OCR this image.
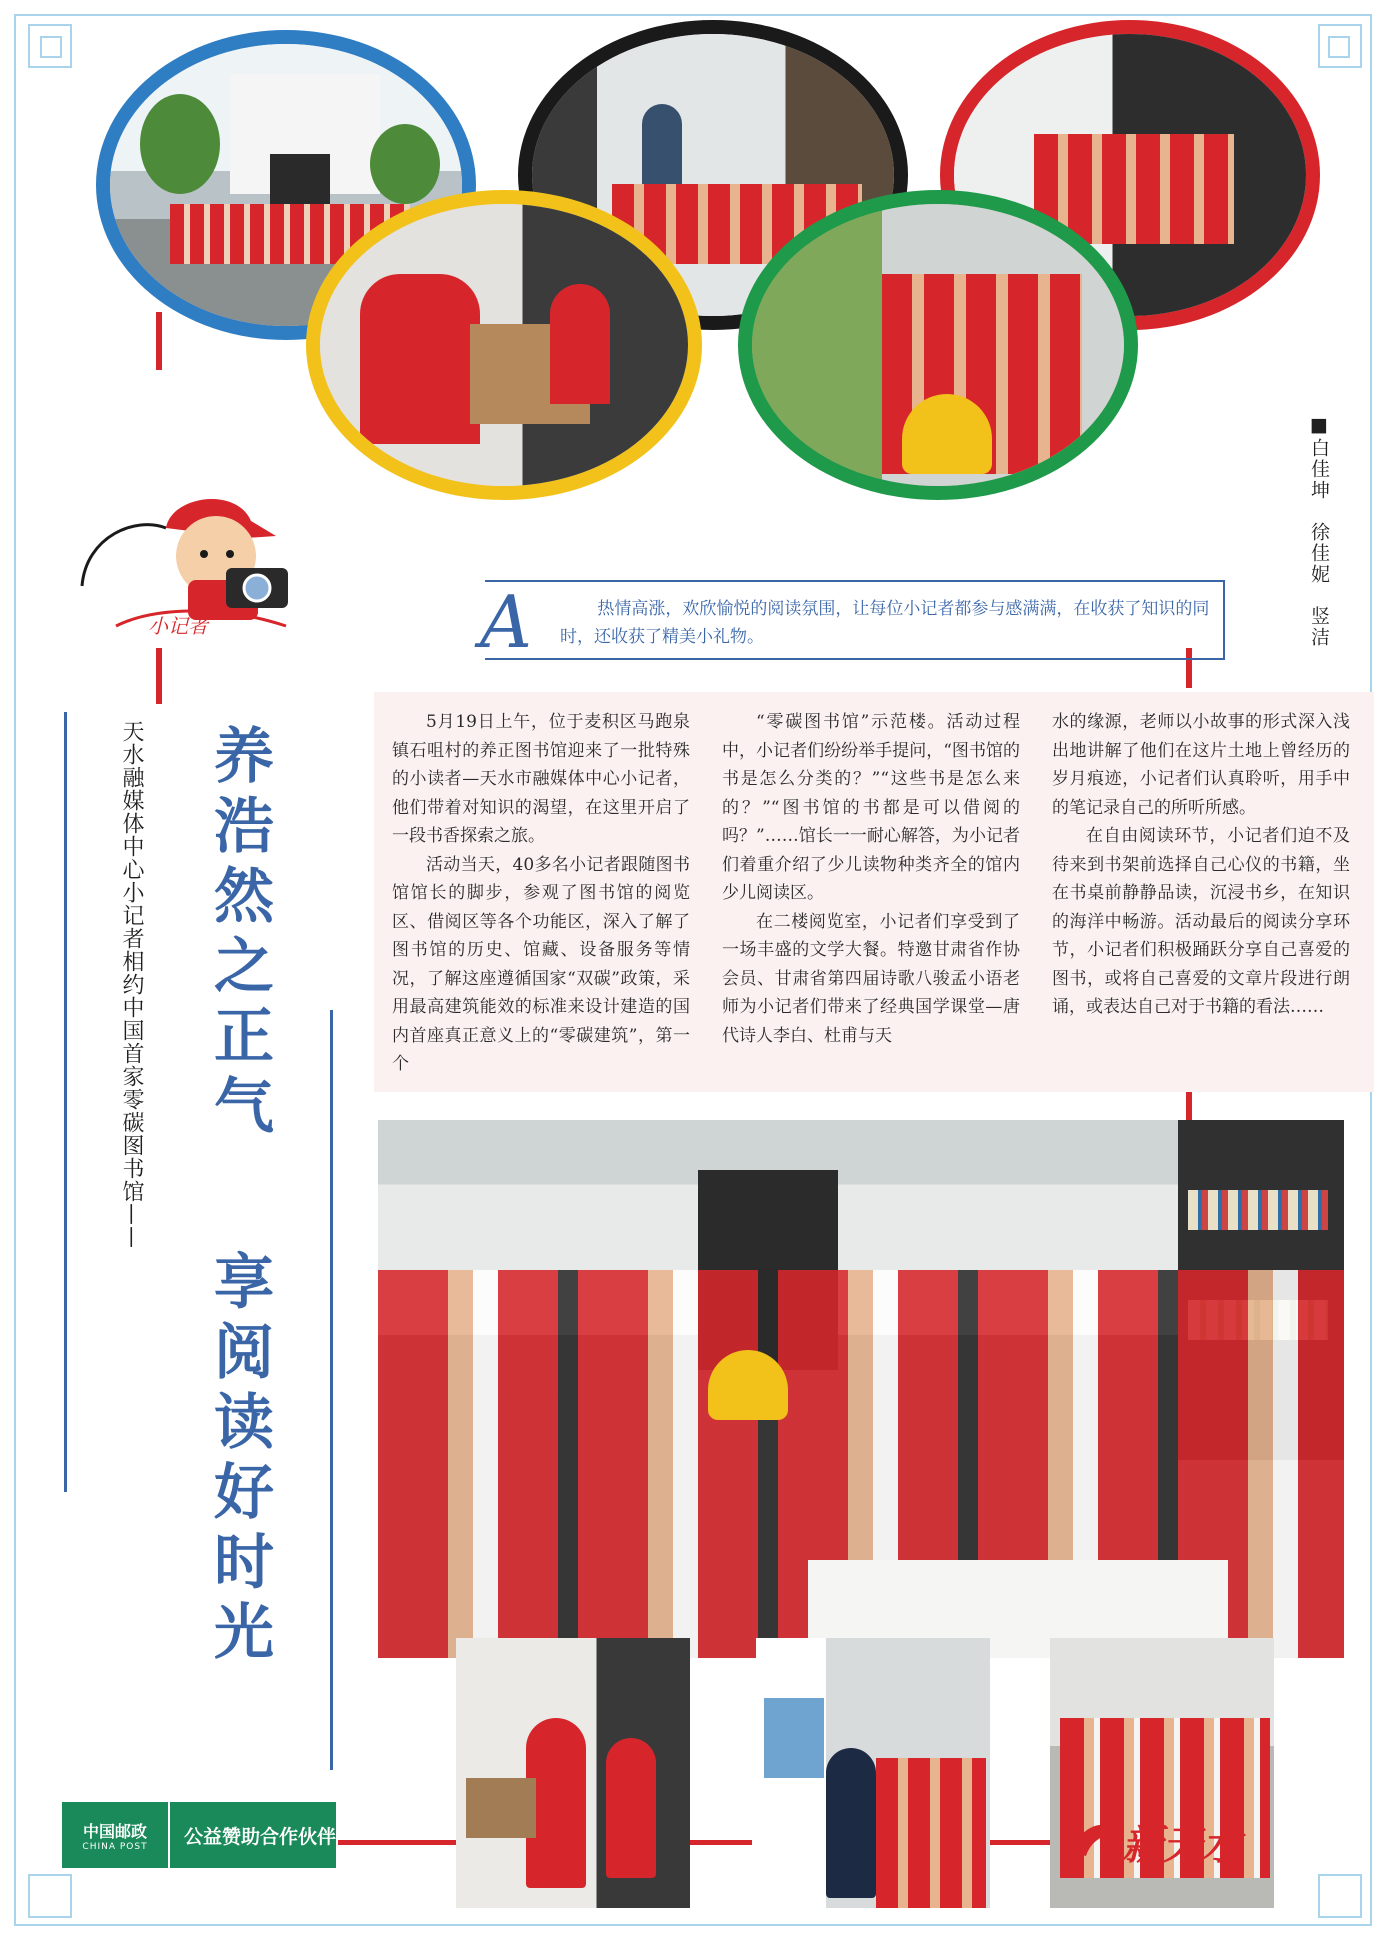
■白佳坤　徐佳妮　竖洁
小记者	A	热情高涨，欢欣愉悦的阅读氛围，让每位小记者都参与感满满，在收获了知识的同时，还收获了精美小礼物。
天水融媒体中心小记者相约中国首家零碳图书馆—— 养浩然之正气
享阅读好时光

5月19日上午，位于麦积区马跑泉镇石咀村的养正图书馆迎来了一批特殊的小读者—天水市融媒体中心小记者，他们带着对知识的渴望，在这里开启了一段书香探索之旅。

活动当天，40多名小记者跟随图书馆馆长的脚步，参观了图书馆的阅览区、借阅区等各个功能区，深入了解了图书馆的历史、馆藏、设备服务等情况，了解这座遵循国家“双碳”政策，采用最高建筑能效的标准来设计建造的国内首座真正意义上的“零碳建筑”，第一个

“零碳图书馆”示范楼。活动过程中，小记者们纷纷举手提问，“图书馆的书是怎么分类的？”“这些书是怎么来的？”“图书馆的书都是可以借阅的吗？”……馆长一一耐心解答，为小记者们着重介绍了少儿读物种类齐全的馆内少儿阅读区。

在二楼阅览室，小记者们享受到了一场丰盛的文学大餐。特邀甘肃省作协会员、甘肃省第四届诗歌八骏孟小语老师为小记者们带来了经典国学课堂—唐代诗人李白、杜甫与天

水的缘源，老师以小故事的形式深入浅出地讲解了他们在这片土地上曾经历的岁月痕迹，小记者们认真聆听，用手中的笔记录自己的所听所感。

在自由阅读环节，小记者们迫不及待来到书架前选择自己心仪的书籍，坐在书桌前静静品读，沉浸书乡，在知识的海洋中畅游。活动最后的阅读分享环节，小记者们积极踊跃分享自己喜爱的图书，或将自己喜爱的文章片段进行朗诵，或表达自己对于书籍的看法……

新天水
中国邮政
CHINA POST	公益赞助合作伙伴
